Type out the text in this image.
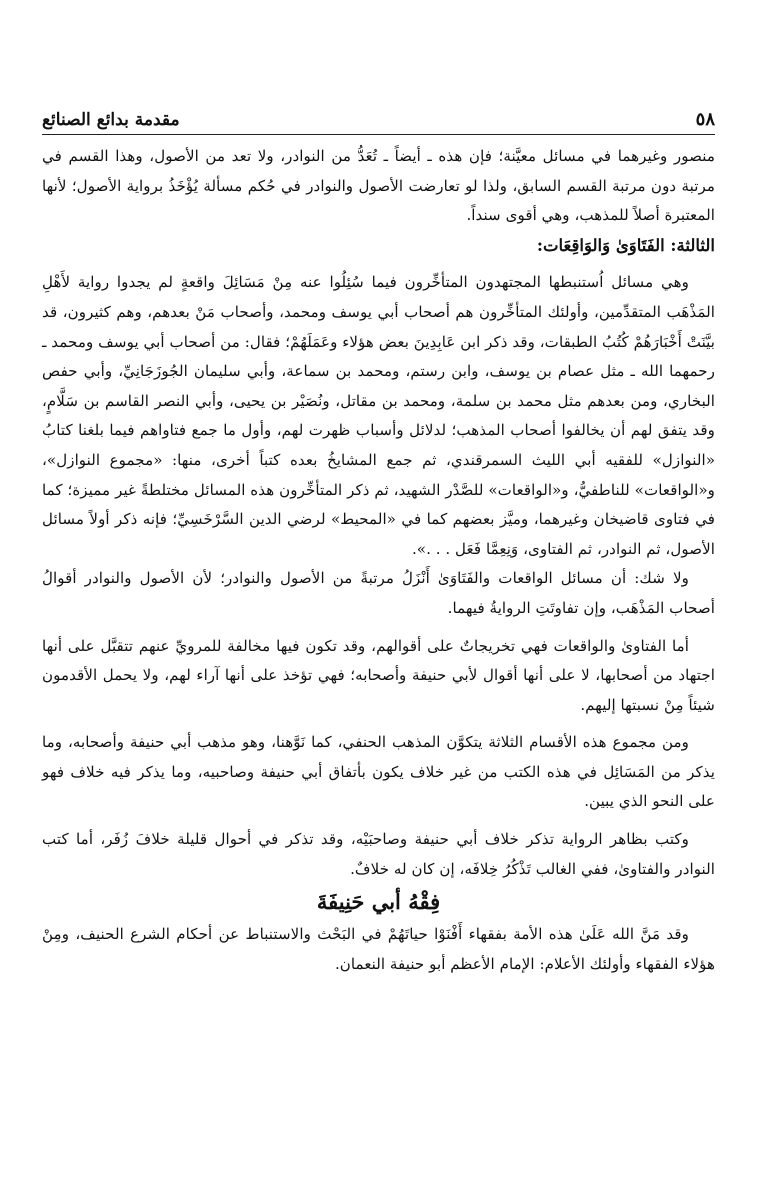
مقدمة بدائع الصنائع	٥٨

منصور وغيرهما في مسائل معيَّنة؛ فإن هذه ـ أيضاً ـ تُعَدُّ من النوادر، ولا تعد من الأصول، وهذا القسم في مرتبة دون مرتبة القسم السابق، ولذا لو تعارضت الأصول والنوادر في حُكم مسألة يُؤْخَذُ برواية الأصول؛ لأنها المعتبرة أصلاً للمذهب، وهي أقوى سنداً.

الثالثة: الفَتَاوَىٰ وَالوَاقِعَات:

وهي مسائل اُستنبطها المجتهدون المتأخِّرون فيما سُئِلُوا عنه مِنْ مَسَائِلَ واقعةٍ لم يجدوا رواية لأَهْلِ المَذْهَب المتقدِّمين، وأولئك المتأخِّرون هم أصحاب أبي يوسف ومحمد، وأصحاب مَنْ بعدهم، وهم كثيرون، قد بيَّنَتْ أَخْبَارَهُمْ كُتُبُ الطبقات، وقد ذكر ابن عَابِدِينَ بعض هؤلاء وعَمَلَهُمْ؛ فقال: من أصحاب أبي يوسف ومحمد ـ رحمهما الله ـ مثل عصام بن يوسف، وابن رستم، ومحمد بن سماعة، وأبي سليمان الجُوزَجَانِيِّ، وأبي حفص البخاري، ومن بعدهم مثل محمد بن سلمة، ومحمد بن مقاتل، ونُصَيْر بن يحيى، وأبي النصر القاسم بن سَلَّامٍ، وقد يتفق لهم أن يخالفوا أصحاب المذهب؛ لدلائل وأسباب ظهرت لهم، وأول ما جمع فتاواهم فيما بلغنا كتابُ «النوازل» للفقيه أبي الليث السمرقندي، ثم جمع المشايخُ بعده كتباً أخرى، منها: «مجموع النوازل»، و«الواقعات» للناطفيُّ، و«الواقعات» للصَّدْر الشهيد، ثم ذكر المتأخِّرون هذه المسائل مختلطةً غير مميزة؛ كما في فتاوى قاضيخان وغيرهما، وميَّز بعضهم كما في «المحيط» لرضي الدين السَّرْخَسِيِّ؛ فإنه ذكر أولاً مسائل الأصول، ثم النوادر، ثم الفتاوى، وَنِعِمَّا فَعَل . . .».

ولا شك: أن مسائل الواقعات والفَتَاوَىٰ أَنْزَلُ مرتبةً من الأصول والنوادر؛ لأن الأصول والنوادر أقوالُ أصحاب المَذْهَب، وإن تفاوتَتِ الروايةُ فيهما.

أما الفتاوىٰ والواقعات فهي تخريجاتٌ على أقوالهم، وقد تكون فيها مخالفة للمرويِّ عنهم تتقبَّل على أنها اجتهاد من أصحابها، لا على أنها أقوال لأبي حنيفة وأصحابه؛ فهي تؤخذ على أنها آراء لهم، ولا يحمل الأقدمون شيئاً مِنْ نسبتها إليهم.

ومن مجموع هذه الأقسام الثلاثة يتكوَّن المذهب الحنفي، كما نَوَّهنا، وهو مذهب أبي حنيفة وأصحابه، وما يذكر من المَسَائِل في هذه الكتب من غير خلاف يكون بأتفاق أبي حنيفة وصاحبيه، وما يذكر فيه خلاف فهو على النحو الذي يبين.

وكتب بظاهر الرواية تذكر خلاف أبي حنيفة وصاحبَيْه، وقد تذكر في أحوال قليلة خلافَ زُفَر، أما كتب النوادر والفتاوىٰ، ففي الغالب تَذْكُرُ خِلافَه، إن كان له خلافٌ.

فِقْهُ أبي حَنِيفَةَ

وقد مَنَّ الله عَلَىٰ هذه الأمة بفقهاء أَفْنَوْا حياتَهُمْ في البَحْث والاستنباط عن أحكام الشرع الحنيف، ومِنْ هؤلاء الفقهاء وأولئك الأعلام: الإمام الأعظم أبو حنيفة النعمان.
